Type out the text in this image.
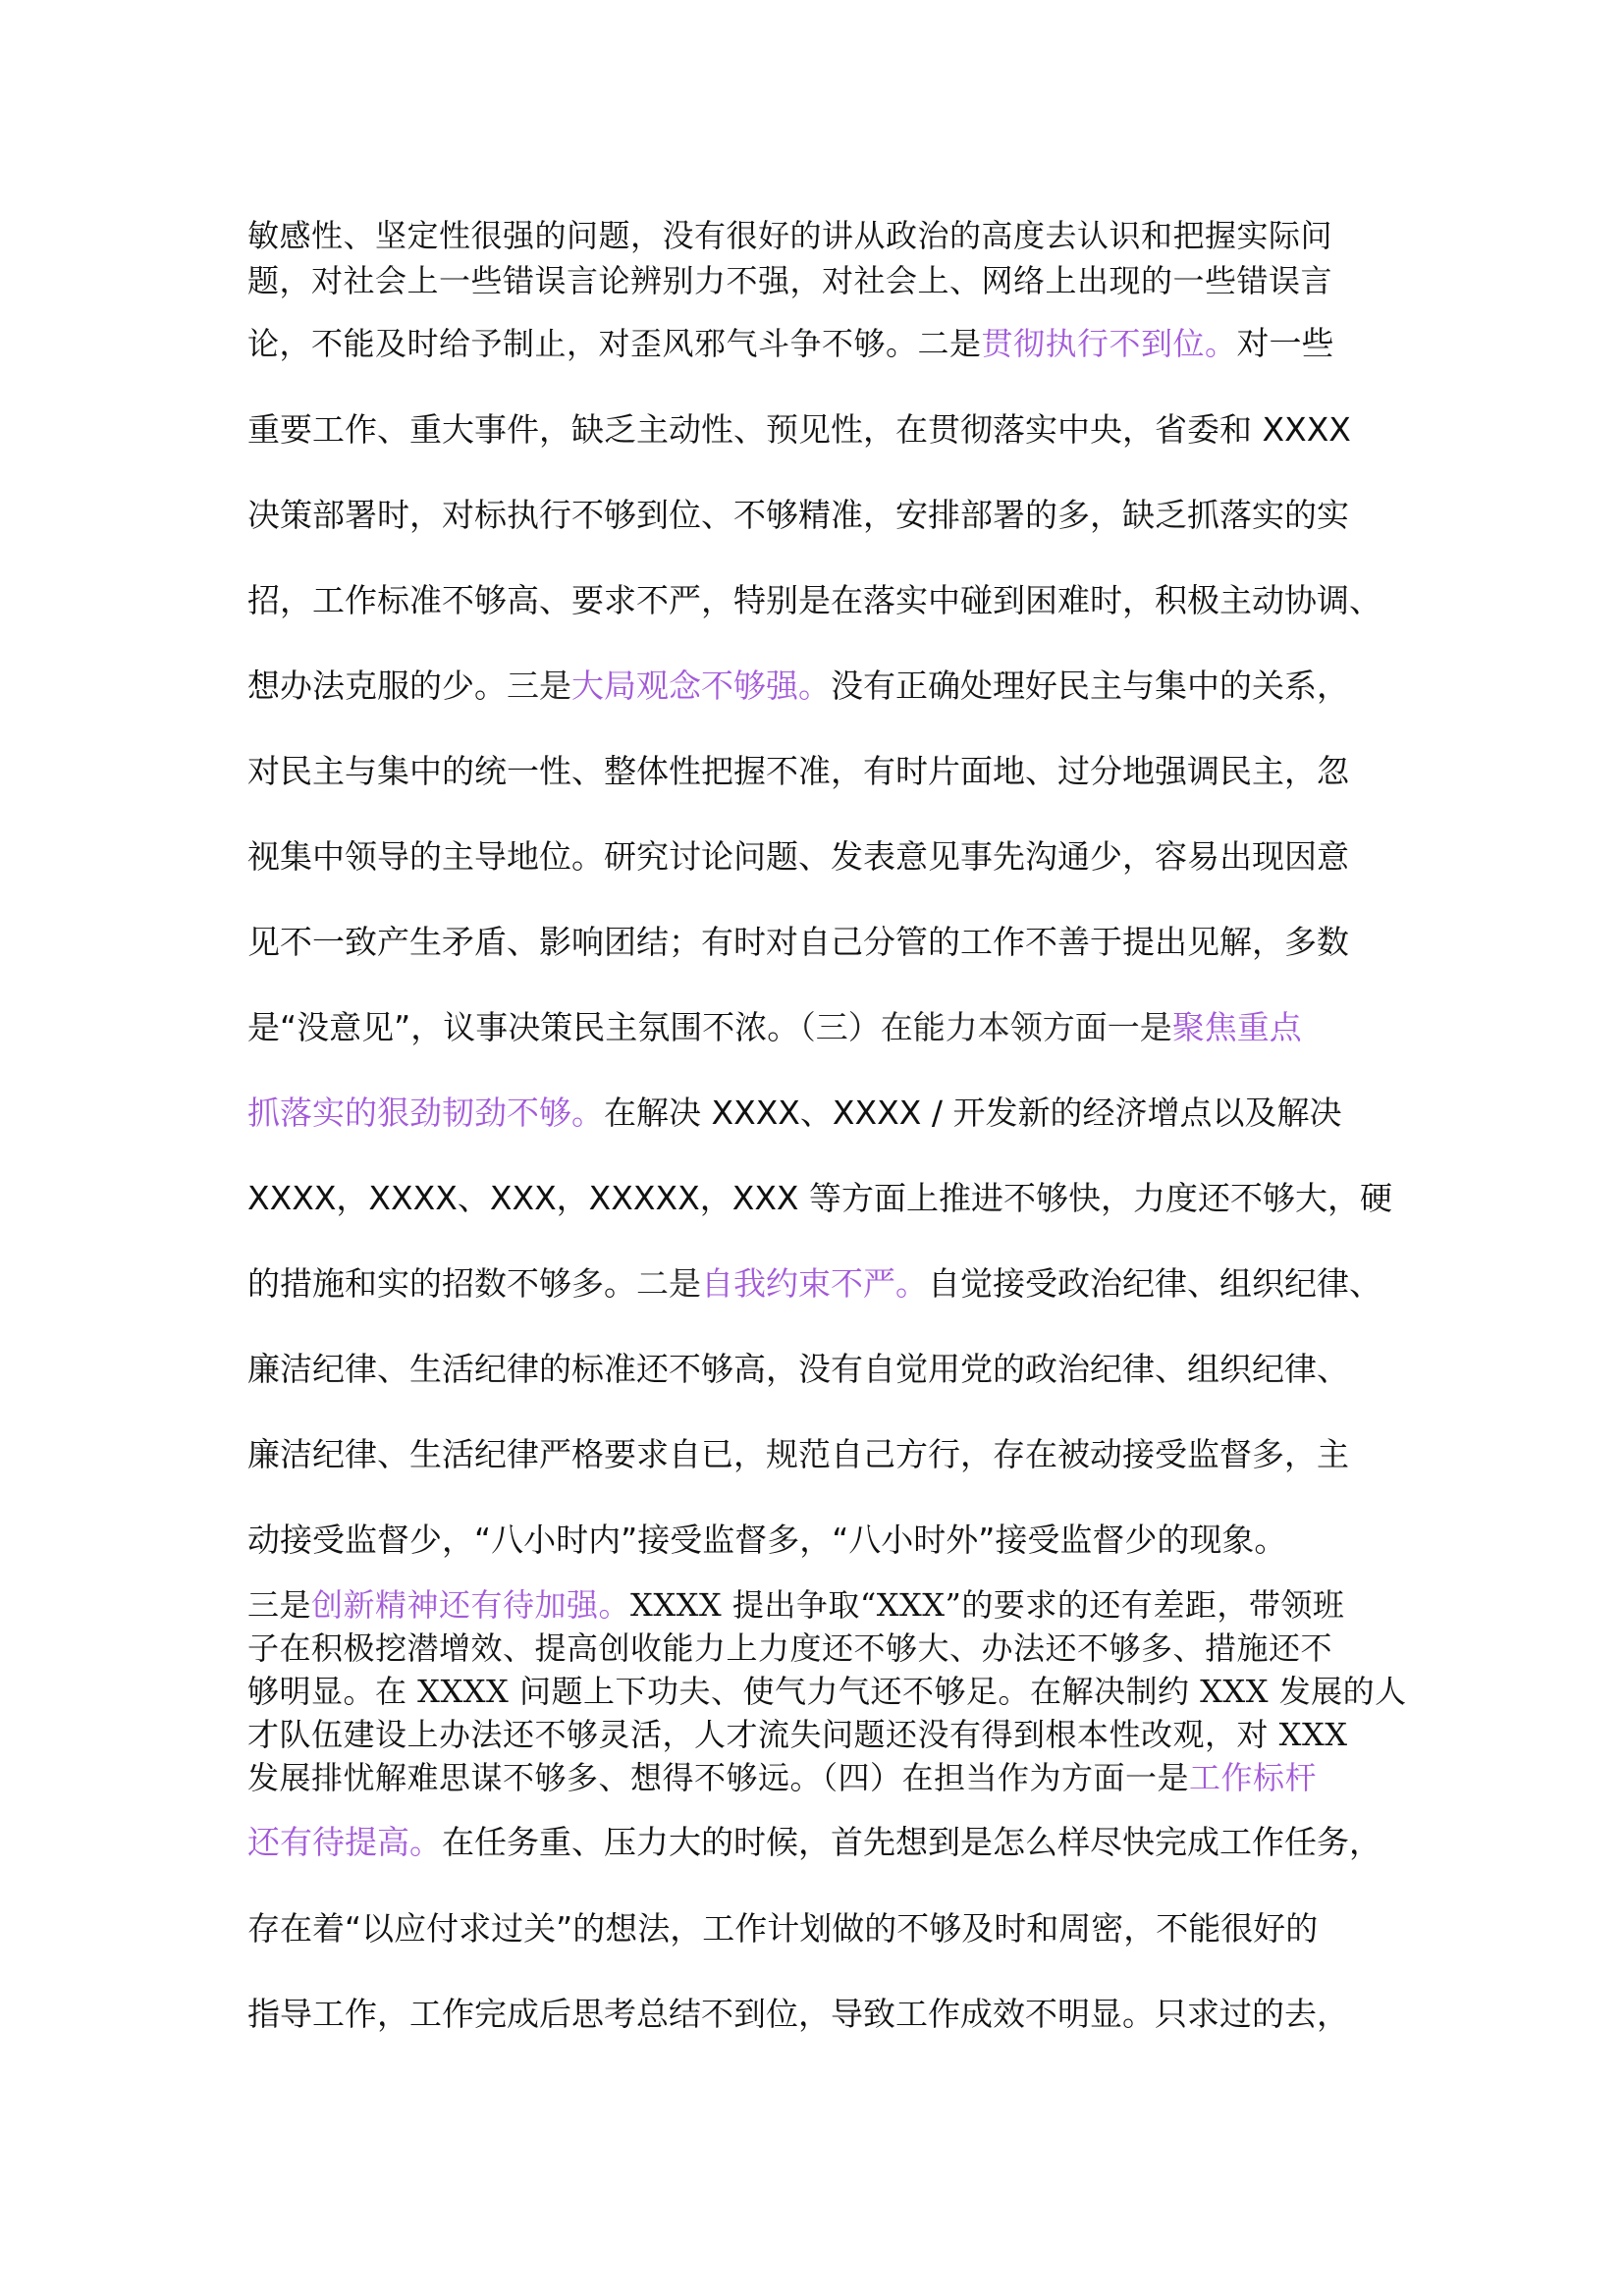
敏感性、坚定性很强的问题，没有很好的讲从政治的高度去认识和把握实际问
题，对社会上一些错误言论辨别力不强，对社会上、网络上出现的一些错误言
论，不能及时给予制止，对歪风邪气斗争不够。二是贯彻执行不到位。对一些
重要工作、重大事件，缺乏主动性、预见性，在贯彻落实中央，省委和 XXXX
决策部署时，对标执行不够到位、不够精准，安排部署的多，缺乏抓落实的实
招，工作标准不够高、要求不严，特别是在落实中碰到困难时，积极主动协调、
想办法克服的少。三是大局观念不够强。没有正确处理好民主与集中的关系，
对民主与集中的统一性、整体性把握不准，有时片面地、过分地强调民主，忽
视集中领导的主导地位。研究讨论问题、发表意见事先沟通少，容易出现因意
见不一致产生矛盾、影响团结；有时对自己分管的工作不善于提出见解，多数
是“没意见”，议事决策民主氛围不浓。（三）在能力本领方面一是聚焦重点
抓落实的狠劲韧劲不够。在解决 XXXX、XXXX / 开发新的经济增点以及解决
XXXX，XXXX、XXX，XXXXX，XXX 等方面上推进不够快，力度还不够大，硬
的措施和实的招数不够多。二是自我约束不严。自觉接受政治纪律、组织纪律、
廉洁纪律、生活纪律的标准还不够高，没有自觉用党的政治纪律、组织纪律、
廉洁纪律、生活纪律严格要求自已，规范自己方行，存在被动接受监督多，主
动接受监督少，“八小时内”接受监督多，“八小时外”接受监督少的现象。
三是创新精神还有待加强。XXXX 提出争取“XXX”的要求的还有差距，带领班
子在积极挖潜增效、提高创收能力上力度还不够大、办法还不够多、措施还不
够明显。在 XXXX 问题上下功夫、使气力气还不够足。在解决制约 XXX 发展的人
才队伍建设上办法还不够灵活，人才流失问题还没有得到根本性改观，对 XXX
发展排忧解难思谋不够多、想得不够远。（四）在担当作为方面一是工作标杆
还有待提高。在任务重、压力大的时候，首先想到是怎么样尽快完成工作任务，
存在着“以应付求过关”的想法，工作计划做的不够及时和周密，不能很好的
指导工作，工作完成后思考总结不到位，导致工作成效不明显。只求过的去，
